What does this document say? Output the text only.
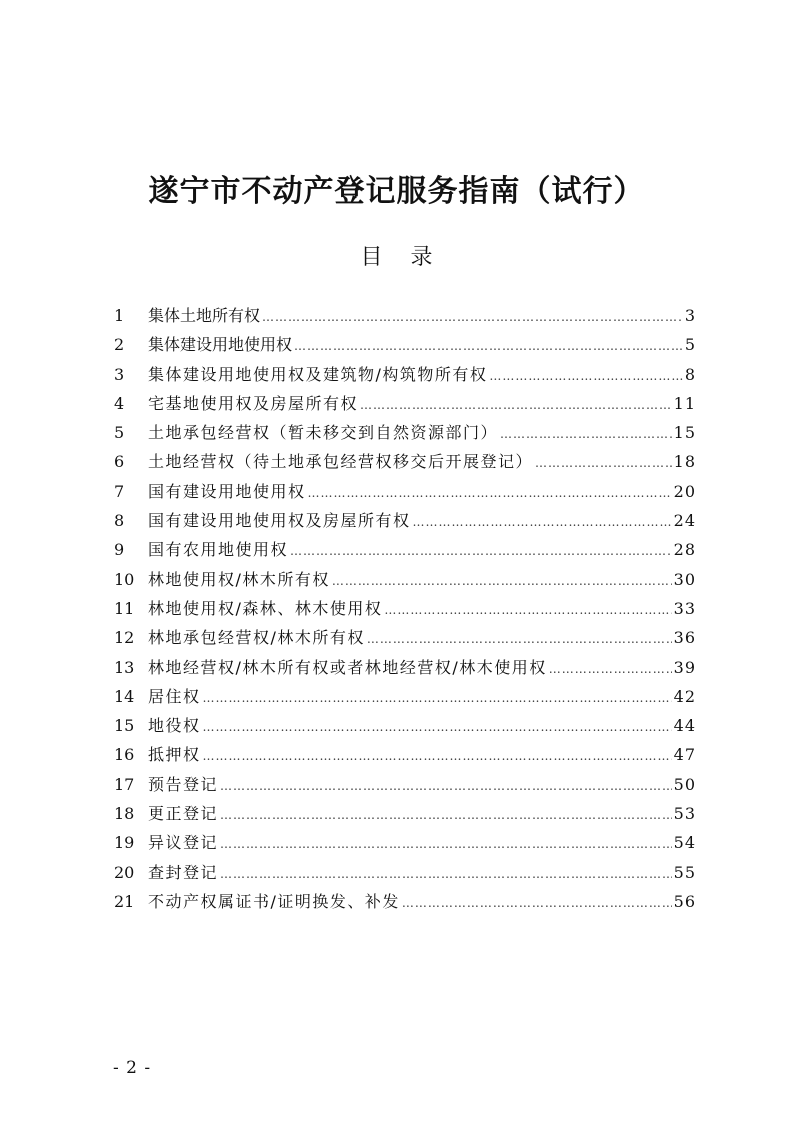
遂宁市不动产登记服务指南（试行）
目 录
1	集体土地所有权 ……………………………………………………………………………………………………………………………………	3
2	集体建设用地使用权 ……………………………………………………………………………………………………………………………………	5
3	集体建设用地使用权及建筑物/构筑物所有权 ……………………………………………………………………………………………………………………………………	8
4	宅基地使用权及房屋所有权 ……………………………………………………………………………………………………………………………………	11
5	土地承包经营权（暂未移交到自然资源部门） ……………………………………………………………………………………………………………………………………	15
6	土地经营权（待土地承包经营权移交后开展登记） ……………………………………………………………………………………………………………………………………	18
7	国有建设用地使用权 ……………………………………………………………………………………………………………………………………	20
8	国有建设用地使用权及房屋所有权 ……………………………………………………………………………………………………………………………………	24
9	国有农用地使用权 ……………………………………………………………………………………………………………………………………	28
10 林地使用权/林木所有权 ……………………………………………………………………………………………………………………………………	30
11 林地使用权/森林、林木使用权 ……………………………………………………………………………………………………………………………………	33
12 林地承包经营权/林木所有权 ……………………………………………………………………………………………………………………………………	36
13 林地经营权/林木所有权或者林地经营权/林木使用权 ……………………………………………………………………………………………………………………………………	39
14 居住权 ……………………………………………………………………………………………………………………………………	42
15 地役权 ……………………………………………………………………………………………………………………………………	44
16 抵押权 ……………………………………………………………………………………………………………………………………	47
17 预告登记 ……………………………………………………………………………………………………………………………………	50
18 更正登记 ……………………………………………………………………………………………………………………………………	53
19 异议登记 ……………………………………………………………………………………………………………………………………	54
20 查封登记 ……………………………………………………………………………………………………………………………………	55
21 不动产权属证书/证明换发、补发 ……………………………………………………………………………………………………………………………………	56
- 2 -
